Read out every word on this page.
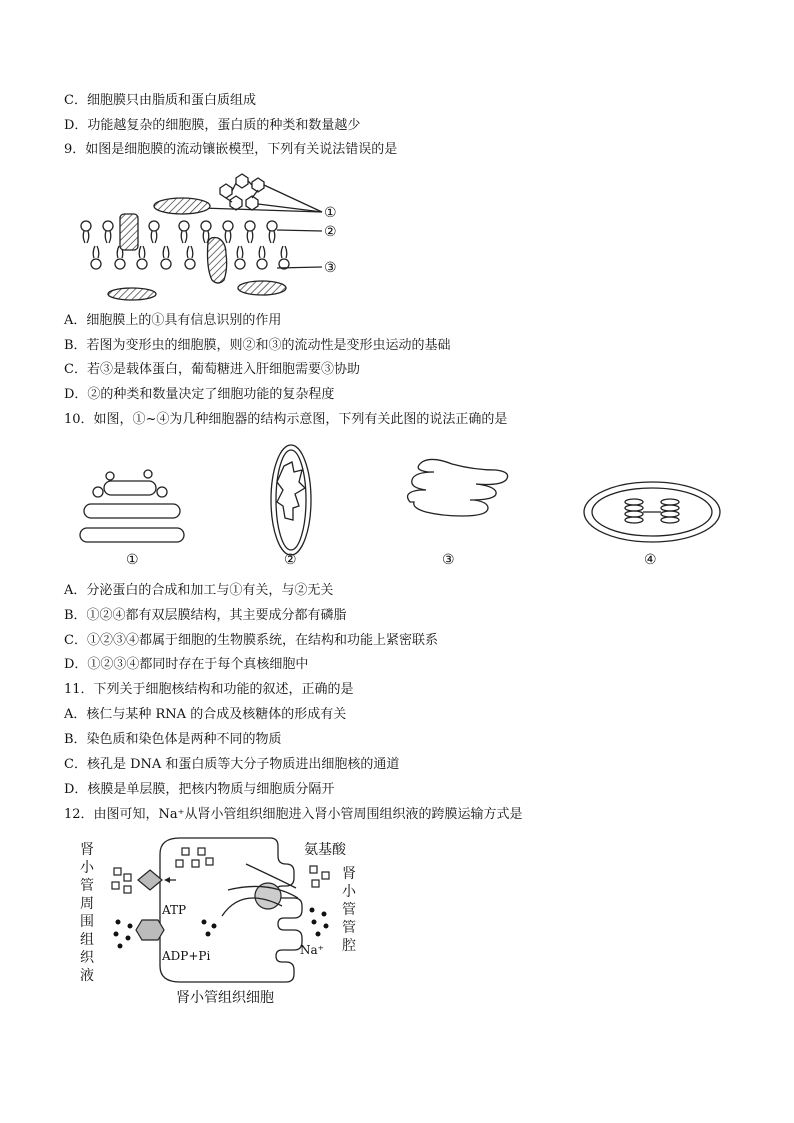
C．细胞膜只由脂质和蛋白质组成
D．功能越复杂的细胞膜，蛋白质的种类和数量越少
9．如图是细胞膜的流动镶嵌模型，下列有关说法错误的是
①
②
③
A．细胞膜上的①具有信息识别的作用
B．若图为变形虫的细胞膜，则②和③的流动性是变形虫运动的基础
C．若③是载体蛋白，葡萄糖进入肝细胞需要③协助
D．②的种类和数量决定了细胞功能的复杂程度
10．如图，①~④为几种细胞器的结构示意图，下列有关此图的说法正确的是
①	②	③	④
A．分泌蛋白的合成和加工与①有关，与②无关
B．①②④都有双层膜结构，其主要成分都有磷脂
C．①②③④都属于细胞的生物膜系统，在结构和功能上紧密联系
D．①②③④都同时存在于每个真核细胞中
11．下列关于细胞核结构和功能的叙述，正确的是
A．核仁与某种 RNA 的合成及核糖体的形成有关
B．染色质和染色体是两种不同的物质
C．核孔是 DNA 和蛋白质等大分子物质进出细胞核的通道
D．核膜是单层膜，把核内物质与细胞质分隔开
12．由图可知，Na⁺从肾小管组织细胞进入肾小管周围组织液的跨膜运输方式是
肾
小
管
周
围
组
织
液
ATP
ADP+Pi
氨基酸
Na⁺
肾
小
管
管
腔
肾小管组织细胞
